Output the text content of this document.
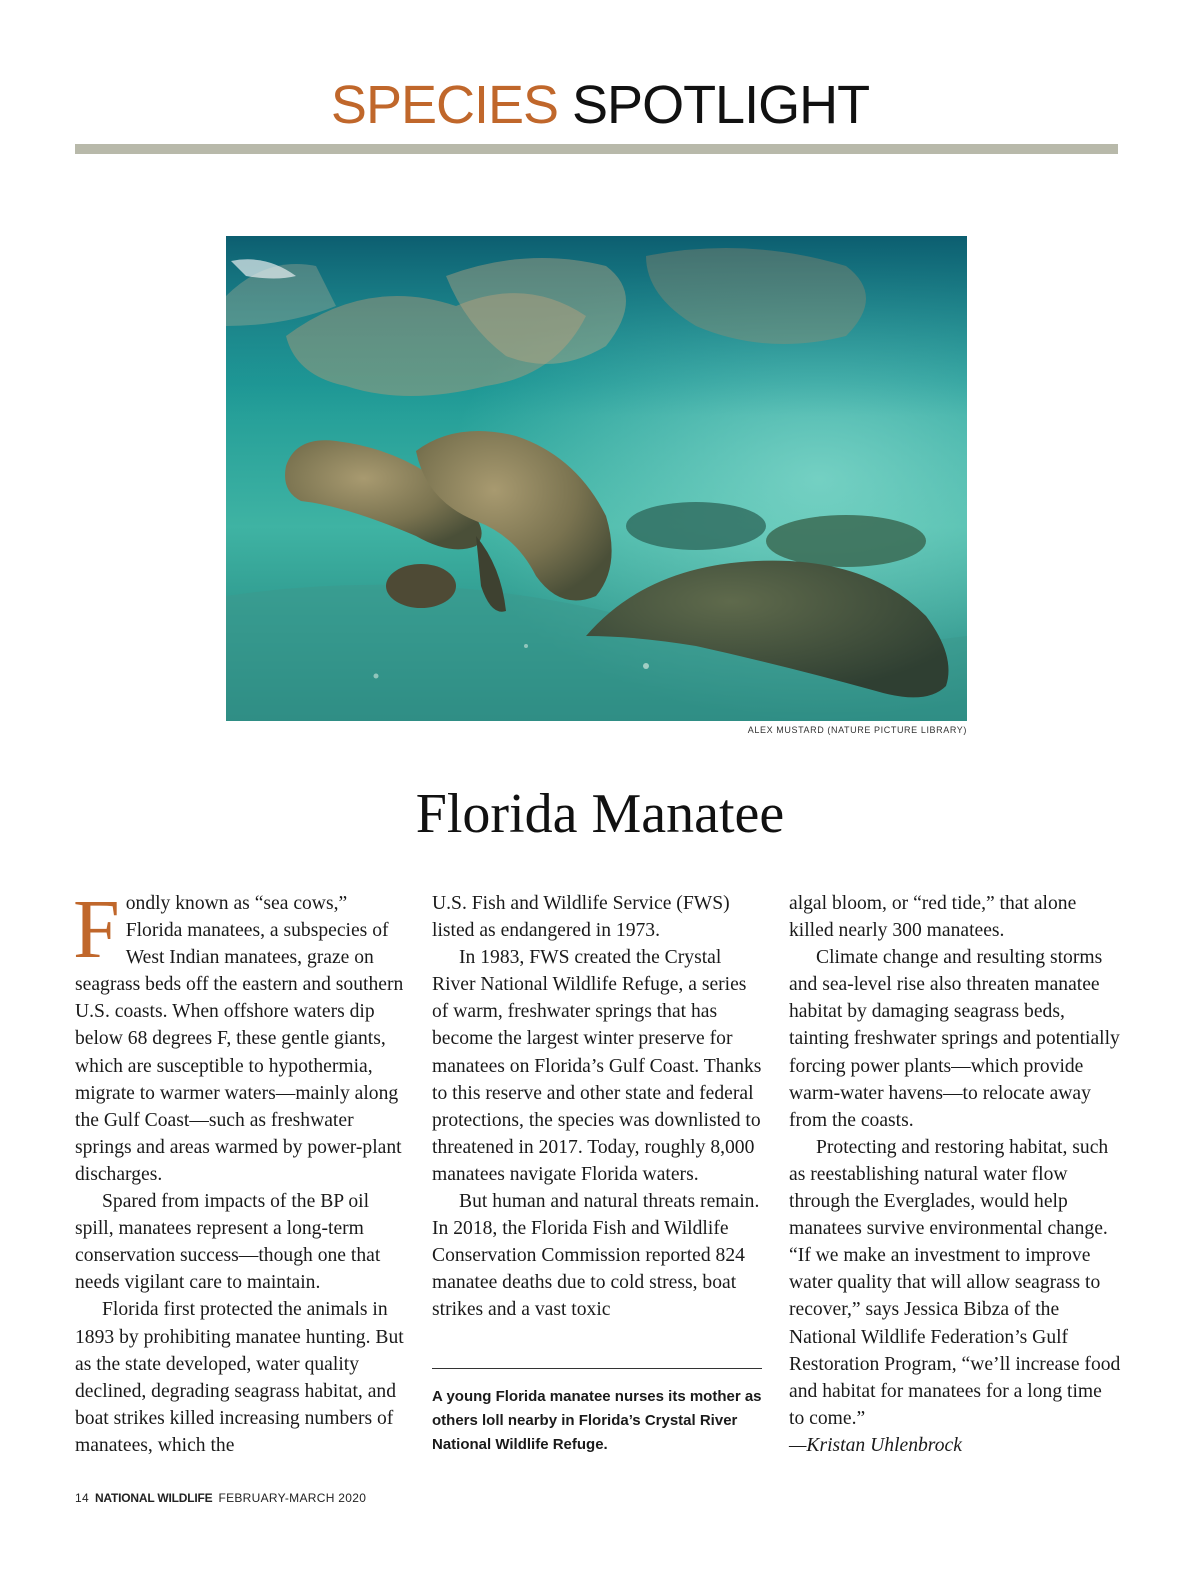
SPECIES SPOTLIGHT
ALEX MUSTARD (NATURE PICTURE LIBRARY)
Florida Manatee

Fondly known as “sea cows,” Florida manatees, a subspecies of West Indian manatees, graze on seagrass beds off the eastern and southern U.S. coasts. When offshore waters dip below 68 degrees F, these gentle giants, which are susceptible to hypothermia, migrate to warmer waters—mainly along the Gulf Coast—such as freshwater springs and areas warmed by power-plant discharges.

Spared from impacts of the BP oil spill, manatees represent a long-term conservation success—though one that needs vigilant care to maintain.

Florida first protected the animals in 1893 by prohibiting manatee hunting. But as the state developed, water quality declined, degrading seagrass habitat, and boat strikes killed increasing numbers of manatees, which the

U.S. Fish and Wildlife Service (FWS) listed as endangered in 1973.

In 1983, FWS created the Crystal River National Wildlife Refuge, a series of warm, freshwater springs that has become the largest winter preserve for manatees on Florida’s Gulf Coast. Thanks to this reserve and other state and federal protections, the species was downlisted to threatened in 2017. Today, roughly 8,000 manatees navigate Florida waters.

But human and natural threats remain. In 2018, the Florida Fish and Wildlife Conservation Commission reported 824 manatee deaths due to cold stress, boat strikes and a vast toxic

A young Florida manatee nurses its mother as others loll nearby in Florida’s Crystal River National Wildlife Refuge.

algal bloom, or “red tide,” that alone killed nearly 300 manatees.

Climate change and resulting storms and sea-level rise also threaten manatee habitat by damaging seagrass beds, tainting freshwater springs and potentially forcing power plants—which provide warm-water havens—to relocate away from the coasts.

Protecting and restoring habitat, such as reestablishing natural water flow through the Everglades, would help manatees survive environmental change. “If we make an investment to improve water quality that will allow seagrass to recover,” says Jessica Bibza of the National Wildlife Federation’s Gulf Restoration Program, “we’ll increase food and habitat for manatees for a long time to come.”

—Kristan Uhlenbrock

14 NATIONAL WILDLIFE FEBRUARY-MARCH 2020
